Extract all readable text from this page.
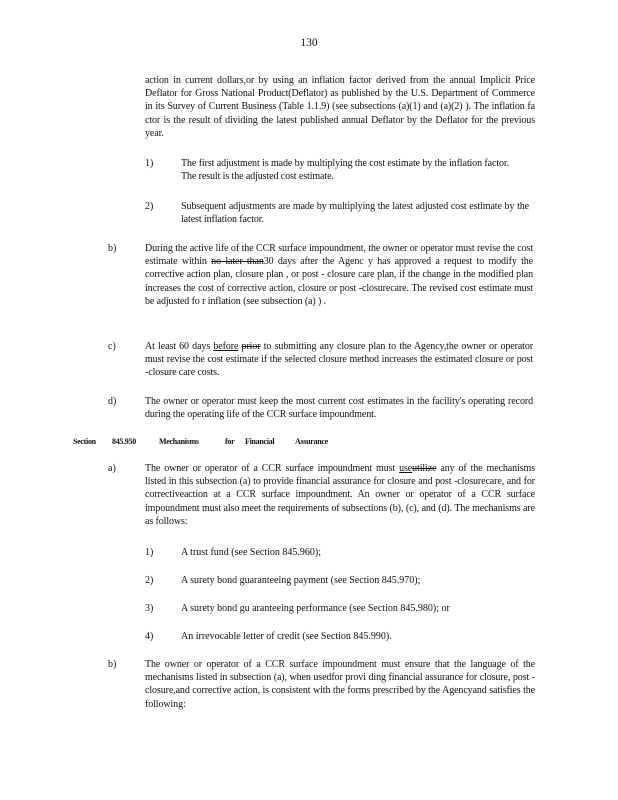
130
action in current dollars,or by using an inflation factor derived from the annual Implicit Price Deflator for Gross National Product(Deflator) as published by the U.S. Department of Commerce in its Survey of Current Business (Table 1.1.9) (see subsections (a)(1) and (a)(2) ). The inflation fa ctor is the result of dividing the latest published annual Deflator by the Deflator for the previous year.
1)	The first adjustment is made by multiplying the cost estimate by the inflation factor. The result is the adjusted cost estimate.
2)	Subsequent adjustments are made by multiplying the latest adjusted cost estimate by the latest inflation factor.
b)	During the active life of the CCR surface impoundment, the owner or operator must revise the cost estimate within no later than30 days after the Agenc y has approved a request to modify the corrective action plan, closure plan , or post - closure care plan, if the change in the modified plan increases the cost of corrective action, closure or post -closurecare. The revised cost estimate must be adjusted fo r inflation (see subsection (a) ) .
c)	At least 60 days before prior to submitting any closure plan to the Agency,the owner or operator must revise the cost estimate if the selected closure method increases the estimated closure or post -closure care costs.
d)	The owner or operator must keep the most current cost estimates in the facility's operating record during the operating life of the CCR surface impoundment.
Section 845.950	Mechanisms	for Financial	Assurance
a)	The owner or operator of a CCR surface impoundment must useutilize any of the mechanisms listed in this subsection (a) to provide financial assurance for closure and post -closurecare, and for correctiveaction at a CCR surface impoundment. An owner or operator of a CCR surface impoundment must also meet the requirements of subsections (b), (c), and (d). The mechanisms are as follows:
1)	A trust fund (see Section 845.960);
2)	A surety bond guaranteeing payment (see Section 845.970);
3)	A surety bond gu aranteeing performance (see Section 845.980); or
4)	An irrevocable letter of credit (see Section 845.990).
b)	The owner or operator of a CCR surface impoundment must ensure that the language of the mechanisms listed in subsection (a), when usedfor provi ding financial assurance for closure, post -closure,and corrective action, is consistent with the forms prescribed by the Agencyand satisfies the following:
